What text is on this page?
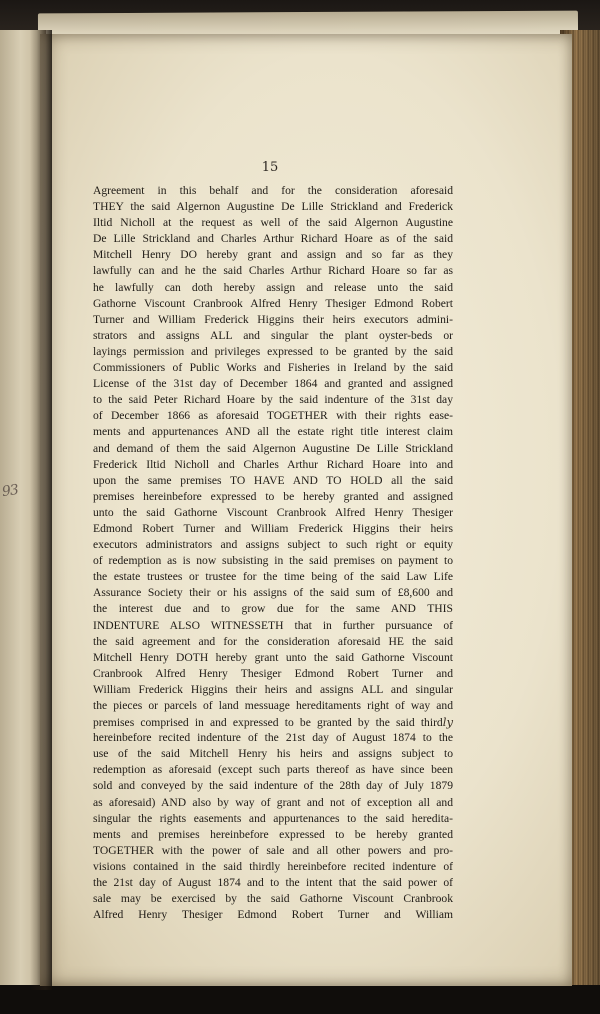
93
15
Agreement in this behalf and for the consideration aforesaid
THEY the said Algernon Augustine De Lille Strickland and Frederick
Iltid Nicholl at the request as well of the said Algernon Augustine
De Lille Strickland and Charles Arthur Richard Hoare as of the said
Mitchell Henry DO hereby grant and assign and so far as they
lawfully can and he the said Charles Arthur Richard Hoare so far as
he lawfully can doth hereby assign and release unto the said
Gathorne Viscount Cranbrook Alfred Henry Thesiger Edmond Robert
Turner and William Frederick Higgins their heirs executors admini-
strators and assigns ALL and singular the plant oyster-beds or
layings permission and privileges expressed to be granted by the said
Commissioners of Public Works and Fisheries in Ireland by the said
License of the 31st day of December 1864 and granted and assigned
to the said Peter Richard Hoare by the said indenture of the 31st day
of December 1866 as aforesaid TOGETHER with their rights ease-
ments and appurtenances AND all the estate right title interest claim
and demand of them the said Algernon Augustine De Lille Strickland
Frederick Iltid Nicholl and Charles Arthur Richard Hoare into and
upon the same premises TO HAVE AND TO HOLD all the said
premises hereinbefore expressed to be hereby granted and assigned
unto the said Gathorne Viscount Cranbrook Alfred Henry Thesiger
Edmond Robert Turner and William Frederick Higgins their heirs
executors administrators and assigns subject to such right or equity
of redemption as is now subsisting in the said premises on payment to
the estate trustees or trustee for the time being of the said Law Life
Assurance Society their or his assigns of the said sum of £8,600 and
the interest due and to grow due for the same AND THIS
INDENTURE ALSO WITNESSETH that in further pursuance of
the said agreement and for the consideration aforesaid HE the said
Mitchell Henry DOTH hereby grant unto the said Gathorne Viscount
Cranbrook Alfred Henry Thesiger Edmond Robert Turner and
William Frederick Higgins their heirs and assigns ALL and singular
the pieces or parcels of land messuage hereditaments right of way and
premises comprised in and expressed to be granted by the said thirdly
hereinbefore recited indenture of the 21st day of August 1874 to the
use of the said Mitchell Henry his heirs and assigns subject to
redemption as aforesaid (except such parts thereof as have since been
sold and conveyed by the said indenture of the 28th day of July 1879
as aforesaid) AND also by way of grant and not of exception all and
singular the rights easements and appurtenances to the said heredita-
ments and premises hereinbefore expressed to be hereby granted
TOGETHER with the power of sale and all other powers and pro-
visions contained in the said thirdly hereinbefore recited indenture of
the 21st day of August 1874 and to the intent that the said power of
sale may be exercised by the said Gathorne Viscount Cranbrook
Alfred Henry Thesiger Edmond Robert Turner and William
